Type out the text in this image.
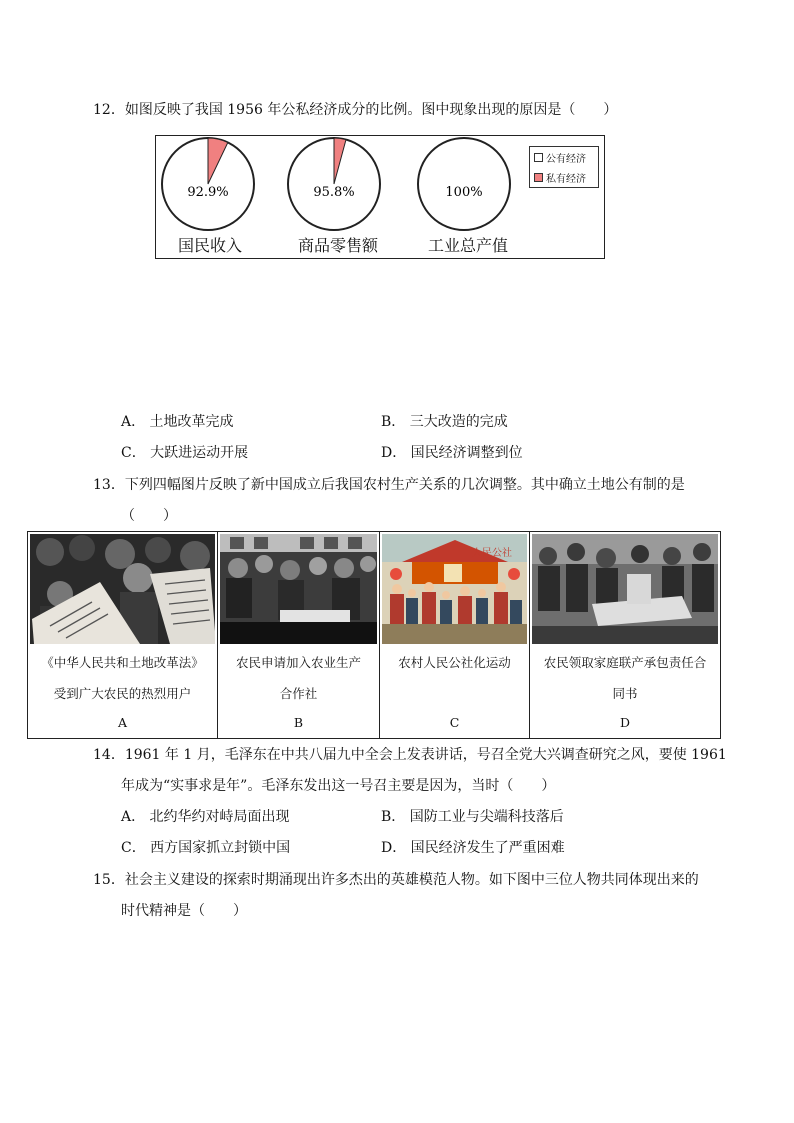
12．如图反映了我国 1956 年公私经济成分的比例。图中现象出现的原因是（　　）
92.9%	95.8%	100%
国民收入	商品零售额	工业总产值
公有经济
私有经济
A． 土地改革完成	B． 三大改造的完成
C． 大跃进运动开展	D． 国民经济调整到位
13．下列四幅图片反映了新中国成立后我国农村生产关系的几次调整。其中确立土地公有制的是
（　　）
《中华人民共和土地改革法》
受到广大农民的热烈用户
A
农民申请加入农业生产
合作社
B
人民公社
农村人民公社化运动
C
农民领取家庭联产承包责任合
同书
D
14．1961 年 1 月，毛泽东在中共八届九中全会上发表讲话，号召全党大兴调查研究之风，要使 1961
年成为“实事求是年”。毛泽东发出这一号召主要是因为，当时（　　）
A． 北约华约对峙局面出现	B． 国防工业与尖端科技落后
C． 西方国家抓立封锁中国	D． 国民经济发生了严重困难
15．社会主义建设的探索时期涌现出许多杰出的英雄模范人物。如下图中三位人物共同体现出来的
时代精神是（　　）
